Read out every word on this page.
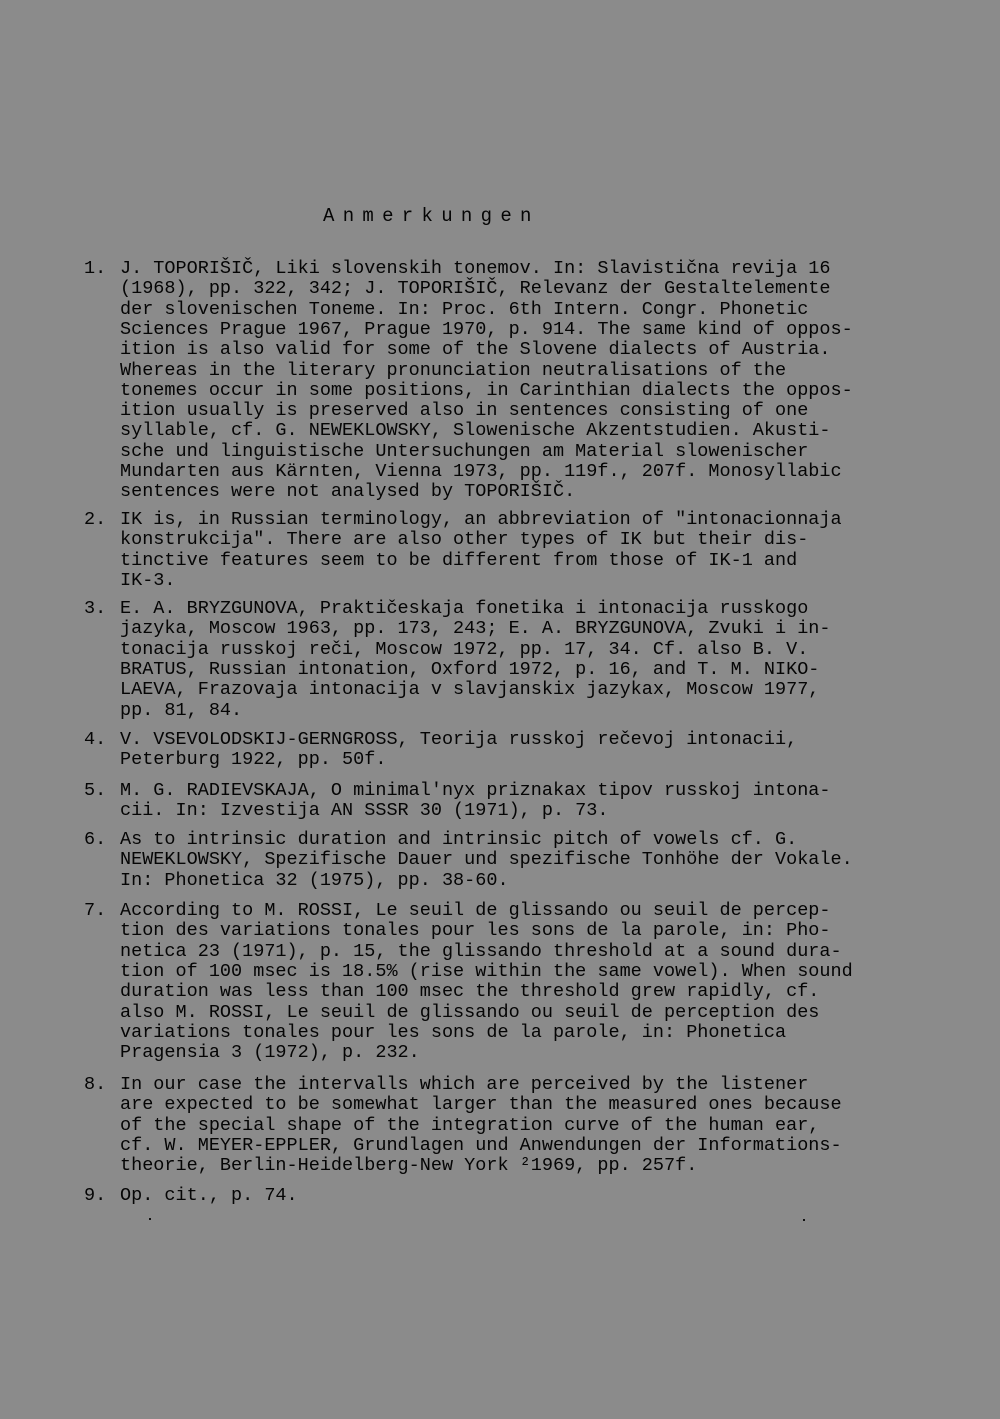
Anmerkungen
1. J. TOPORIŠIČ, Liki slovenskih tonemov. In: Slavistična revija 16
(1968), pp. 322, 342; J. TOPORIŠIČ, Relevanz der Gestaltelemente
der slovenischen Toneme. In: Proc. 6th Intern. Congr. Phonetic
Sciences Prague 1967, Prague 1970, p. 914. The same kind of oppos-
ition is also valid for some of the Slovene dialects of Austria.
Whereas in the literary pronunciation neutralisations of the
tonemes occur in some positions, in Carinthian dialects the oppos-
ition usually is preserved also in sentences consisting of one
syllable, cf. G. NEWEKLOWSKY, Slowenische Akzentstudien. Akusti-
sche und linguistische Untersuchungen am Material slowenischer
Mundarten aus Kärnten, Vienna 1973, pp. 119f., 207f. Monosyllabic
sentences were not analysed by TOPORIŠIČ.
2. IK is, in Russian terminology, an abbreviation of "intonacionnaja
konstrukcija". There are also other types of IK but their dis-
tinctive features seem to be different from those of IK-1 and
IK-3.
3. E. A. BRYZGUNOVA, Praktičeskaja fonetika i intonacija russkogo
jazyka, Moscow 1963, pp. 173, 243; E. A. BRYZGUNOVA, Zvuki i in-
tonacija russkoj reči, Moscow 1972, pp. 17, 34. Cf. also B. V.
BRATUS, Russian intonation, Oxford 1972, p. 16, and T. M. NIKO-
LAEVA, Frazovaja intonacija v slavjanskix jazykax, Moscow 1977,
pp. 81, 84.
4. V. VSEVOLODSKIJ-GERNGROSS, Teorija russkoj rečevoj intonacii,
Peterburg 1922, pp. 50f.
5. M. G. RADIEVSKAJA, O minimal'nyx priznakax tipov russkoj intona-
cii. In: Izvestija AN SSSR 30 (1971), p. 73.
6. As to intrinsic duration and intrinsic pitch of vowels cf. G.
NEWEKLOWSKY, Spezifische Dauer und spezifische Tonhöhe der Vokale.
In: Phonetica 32 (1975), pp. 38-60.
7. According to M. ROSSI, Le seuil de glissando ou seuil de percep-
tion des variations tonales pour les sons de la parole, in: Pho-
netica 23 (1971), p. 15, the glissando threshold at a sound dura-
tion of 100 msec is 18.5% (rise within the same vowel). When sound
duration was less than 100 msec the threshold grew rapidly, cf.
also M. ROSSI, Le seuil de glissando ou seuil de perception des
variations tonales pour les sons de la parole, in: Phonetica
Pragensia 3 (1972), p. 232.
8. In our case the intervalls which are perceived by the listener
are expected to be somewhat larger than the measured ones because
of the special shape of the integration curve of the human ear,
cf. W. MEYER-EPPLER, Grundlagen und Anwendungen der Informations-
theorie, Berlin-Heidelberg-New York ²1969, pp. 257f.
9. Op. cit., p. 74.
